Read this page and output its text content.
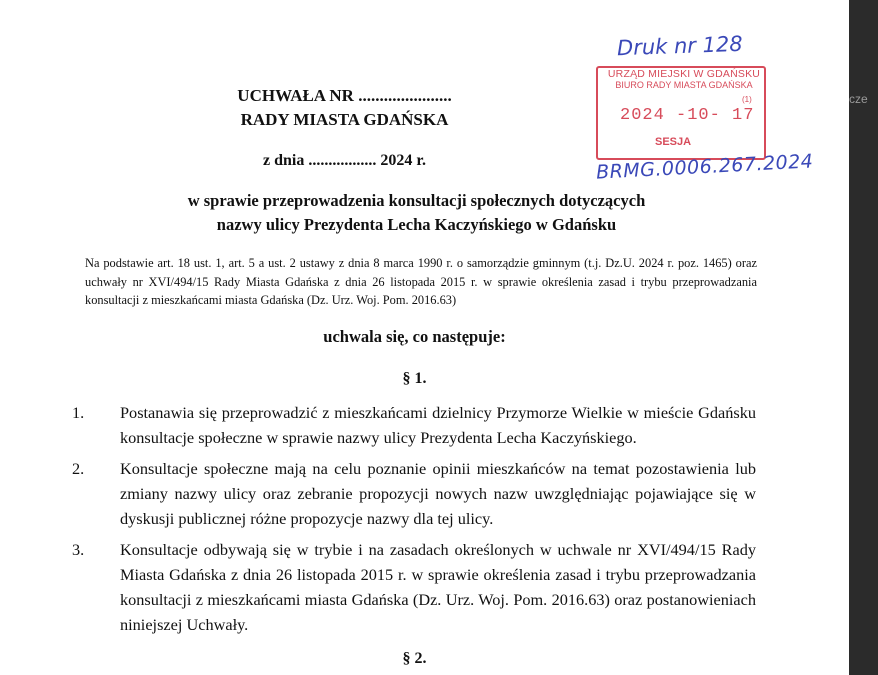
cze
UCHWAŁA NR ......................
RADY MIASTA GDAŃSKA
z dnia ................. 2024 r.
w sprawie przeprowadzenia konsultacji społecznych dotyczących
nazwy ulicy Prezydenta Lecha Kaczyńskiego w Gdańsku
Na podstawie art. 18 ust. 1, art. 5 a ust. 2 ustawy z dnia 8 marca 1990 r. o samorządzie gminnym (t.j. Dz.U. 2024 r. poz. 1465) oraz uchwały nr XVI/494/15 Rady Miasta Gdańska z dnia 26 listopada 2015 r. w sprawie określenia zasad i trybu przeprowadzania konsultacji z mieszkańcami miasta Gdańska (Dz. Urz. Woj. Pom. 2016.63)
uchwala się, co następuje:
§ 1.
1.	Postanawia się przeprowadzić z mieszkańcami dzielnicy Przymorze Wielkie w mieście Gdańsku konsultacje społeczne w sprawie nazwy ulicy Prezydenta Lecha Kaczyńskiego.
2.	Konsultacje społeczne mają na celu poznanie opinii mieszkańców na temat pozostawienia lub zmiany nazwy ulicy oraz zebranie propozycji nowych nazw uwzględniając pojawiające się w dyskusji publicznej różne propozycje nazwy dla tej ulicy.
3.	Konsultacje odbywają się w trybie i na zasadach określonych w uchwale nr XVI/494/15 Rady Miasta Gdańska z dnia 26 listopada 2015 r. w sprawie określenia zasad i trybu przeprowadzania konsultacji z mieszkańcami miasta Gdańska (Dz. Urz. Woj. Pom. 2016.63) oraz postanowieniach niniejszej Uchwały.
§ 2.
URZĄD MIEJSKI W GDAŃSKU
BIURO RADY MIASTA GDAŃSKA
(1)
2024 -10- 17
SESJA
Druk nr 128
BRMG.0006.267.2024
